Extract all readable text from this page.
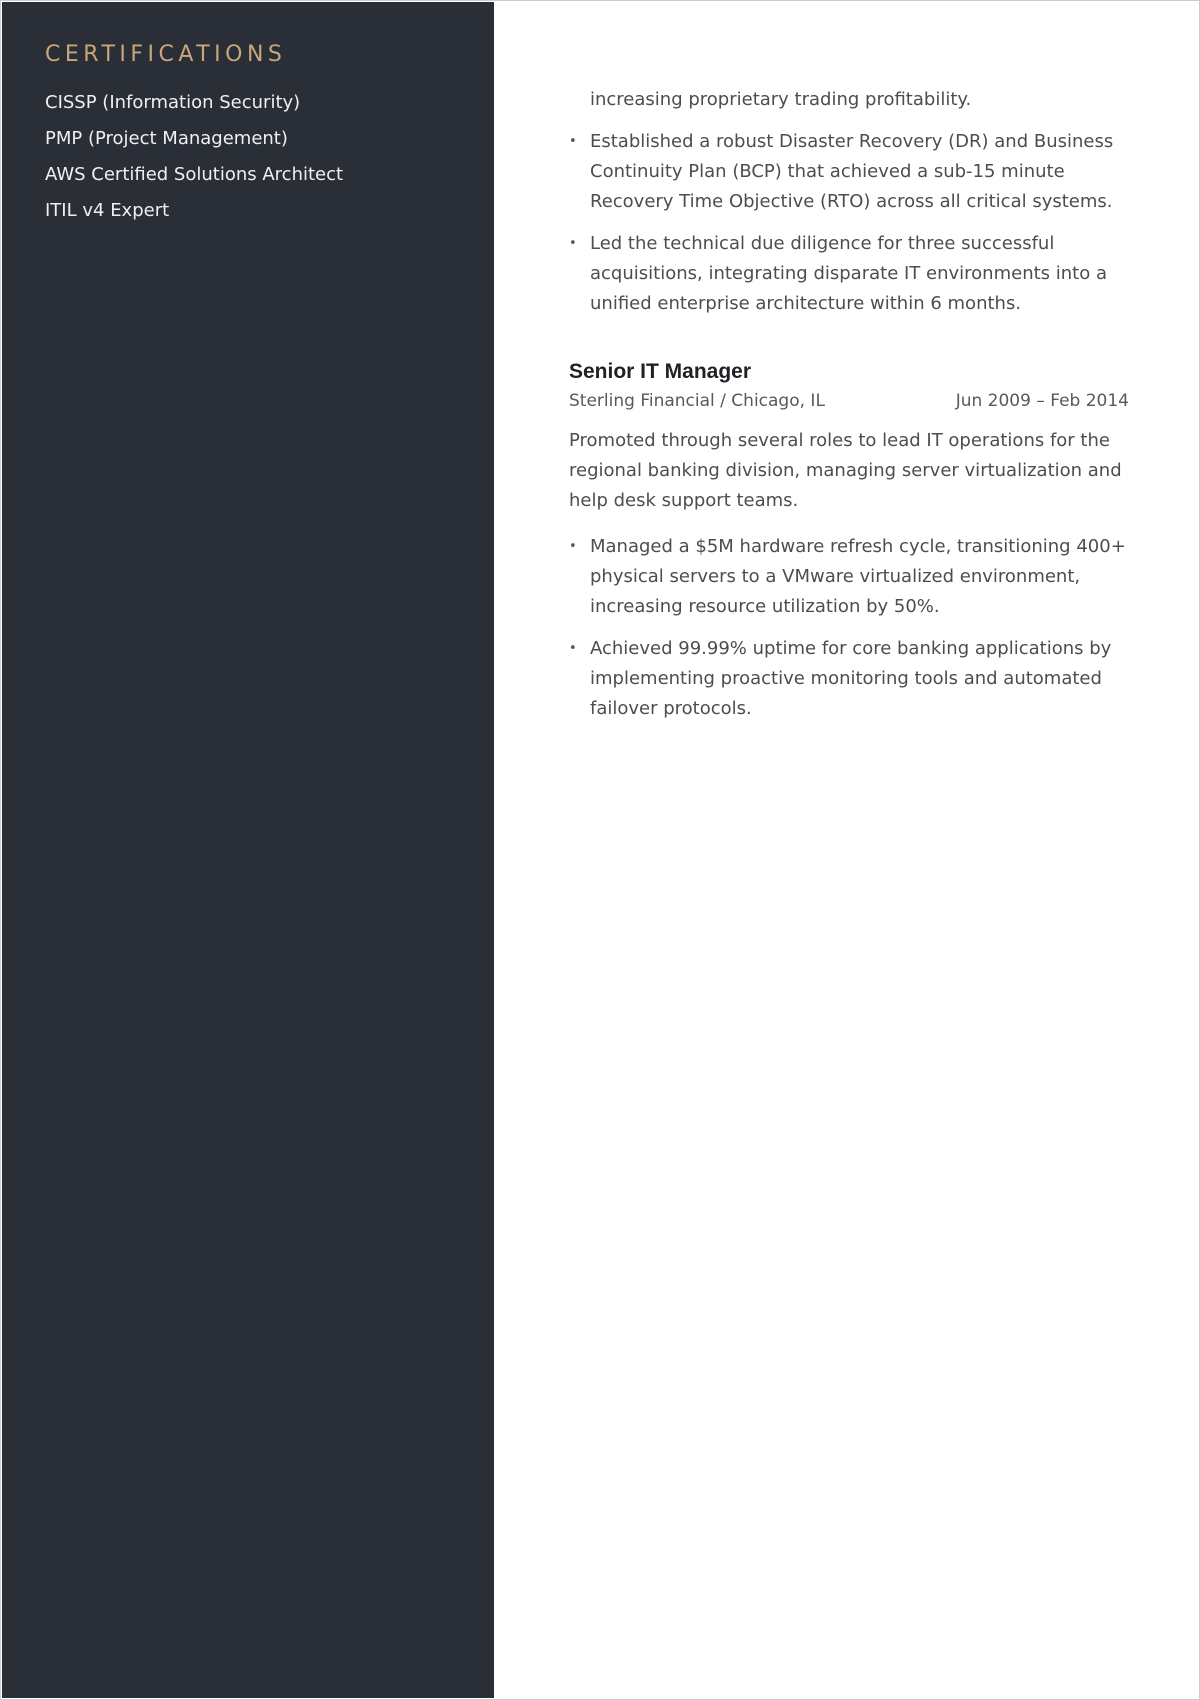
CERTIFICATIONS
CISSP (Information Security)
PMP (Project Management)
AWS Certified Solutions Architect
ITIL v4 Expert
increasing proprietary trading profitability.
• Established a robust Disaster Recovery (DR) and Business Continuity Plan (BCP) that achieved a sub-15 minute Recovery Time Objective (RTO) across all critical systems.
• Led the technical due diligence for three successful acquisitions, integrating disparate IT environments into a unified enterprise architecture within 6 months.
Senior IT Manager
Sterling Financial / Chicago, IL	Jun 2009 – Feb 2014

Promoted through several roles to lead IT operations for the regional banking division, managing server virtualization and help desk support teams.

• Managed a $5M hardware refresh cycle, transitioning 400+ physical servers to a VMware virtualized environment, increasing resource utilization by 50%.
• Achieved 99.99% uptime for core banking applications by implementing proactive monitoring tools and automated failover protocols.
